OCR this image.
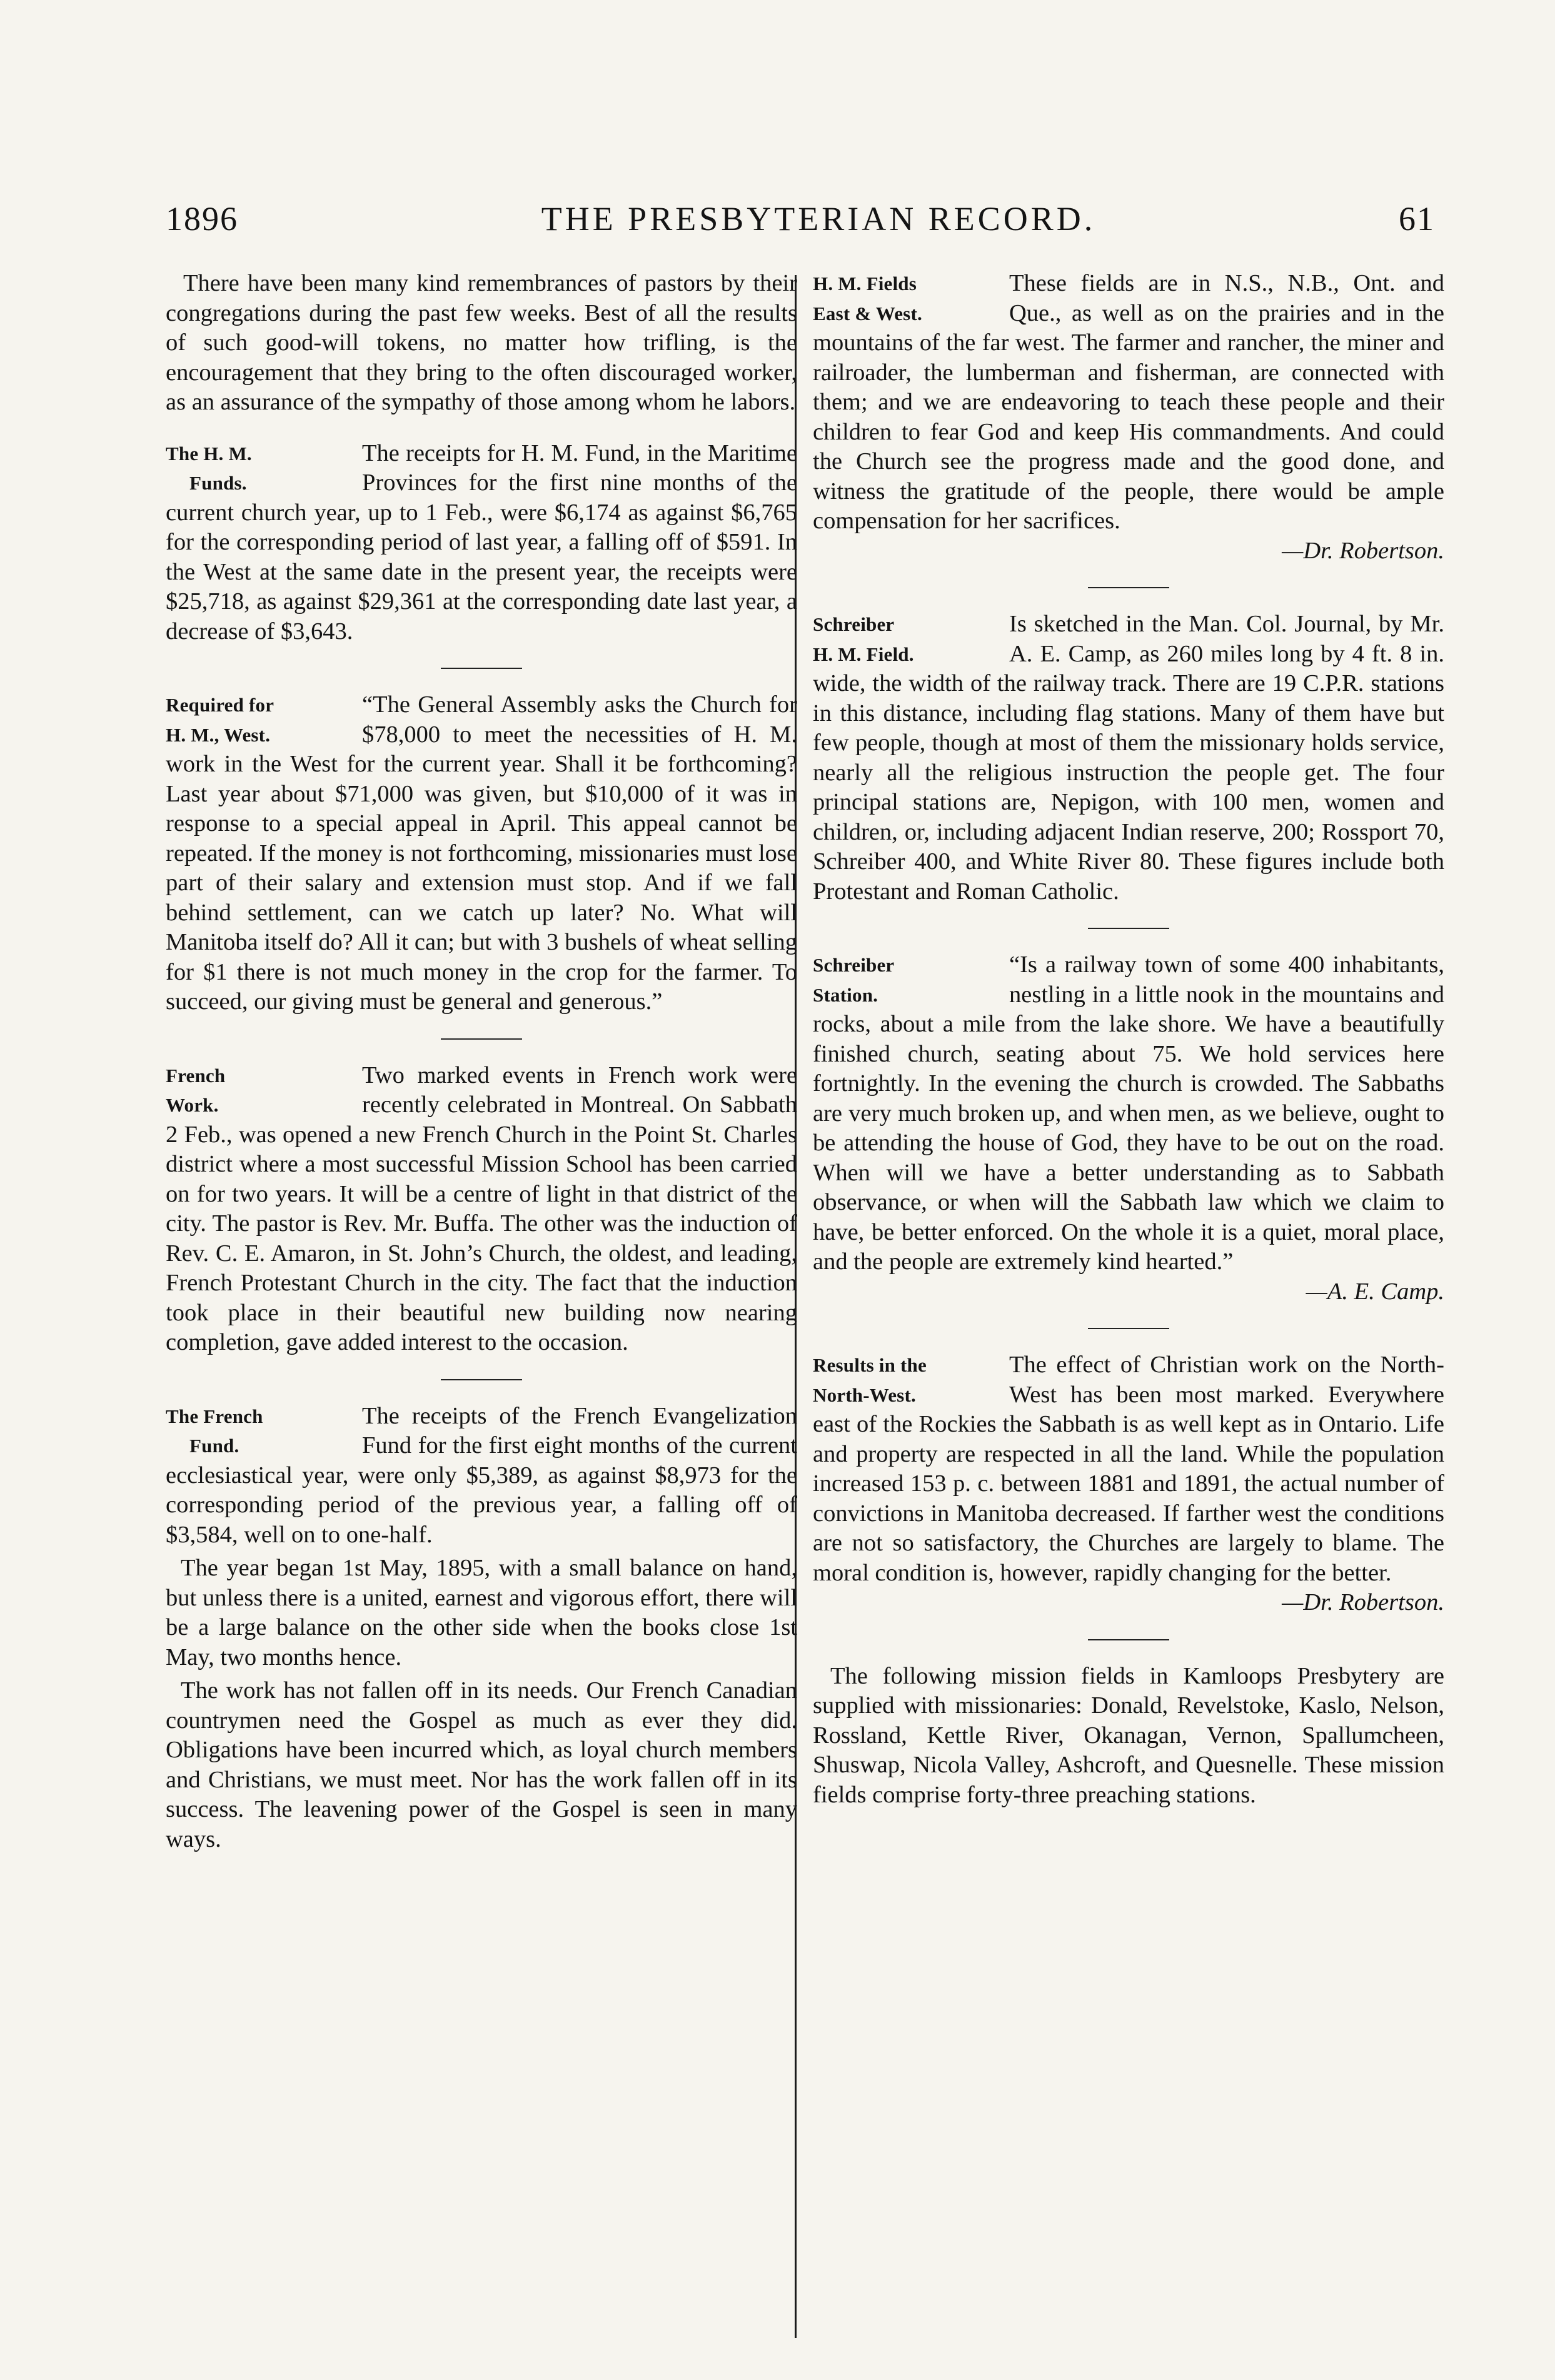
1896	THE PRESBYTERIAN RECORD.	61

There have been many kind remembrances of pastors by their congregations during the past few weeks. Best of all the results of such good-will tokens, no matter how trifling, is the encouragement that they bring to the often discouraged worker, as an assurance of the sympathy of those among whom he labors.

The H. M.
Funds.

The receipts for H. M. Fund, in the Maritime Provinces for the first nine months of the current church year, up to 1 Feb., were $6,174 as against $6,765 for the corresponding period of last year, a falling off of $591. In the West at the same date in the present year, the receipts were $25,718, as against $29,361 at the corresponding date last year, a decrease of $3,643.

Required for
H. M., West.

“The General Assembly asks the Church for $78,000 to meet the necessities of H. M. work in the West for the current year. Shall it be forthcoming? Last year about $71,000 was given, but $10,000 of it was in response to a special appeal in April. This appeal cannot be repeated. If the money is not forthcoming, missionaries must lose part of their salary and extension must stop. And if we fall behind settlement, can we catch up later? No. What will Manitoba itself do? All it can; but with 3 bushels of wheat selling for $1 there is not much money in the crop for the farmer. To succeed, our giving must be general and generous.”

French
Work.

Two marked events in French work were recently celebrated in Montreal. On Sabbath 2 Feb., was opened a new French Church in the Point St. Charles district where a most successful Mission School has been carried on for two years. It will be a centre of light in that district of the city. The pastor is Rev. Mr. Buffa. The other was the induction of Rev. C. E. Amaron, in St. John’s Church, the oldest, and leading, French Protestant Church in the city. The fact that the induction took place in their beautiful new building now nearing completion, gave added interest to the occasion.

The French
Fund.

The receipts of the French Evangelization Fund for the first eight months of the current ecclesiastical year, were only $5,389, as against $8,973 for the corresponding period of the previous year, a falling off of $3,584, well on to one-half.

The year began 1st May, 1895, with a small balance on hand, but unless there is a united, earnest and vigorous effort, there will be a large balance on the other side when the books close 1st May, two months hence.

The work has not fallen off in its needs. Our French Canadian countrymen need the Gospel as much as ever they did. Obligations have been incurred which, as loyal church members and Christians, we must meet. Nor has the work fallen off in its success. The leavening power of the Gospel is seen in many ways.

H. M. Fields
East & West.

These fields are in N.S., N.B., Ont. and Que., as well as on the prairies and in the mountains of the far west. The farmer and rancher, the miner and railroader, the lumberman and fisherman, are connected with them; and we are endeavoring to teach these people and their children to fear God and keep His commandments. And could the Church see the progress made and the good done, and witness the gratitude of the people, there would be ample compensation for her sacrifices.

—Dr. Robertson.

Schreiber
H. M. Field.

Is sketched in the Man. Col. Journal, by Mr. A. E. Camp, as 260 miles long by 4 ft. 8 in. wide, the width of the railway track. There are 19 C.P.R. stations in this distance, including flag stations. Many of them have but few people, though at most of them the missionary holds service, nearly all the religious instruction the people get. The four principal stations are, Nepigon, with 100 men, women and children, or, including adjacent Indian reserve, 200; Rossport 70, Schreiber 400, and White River 80. These figures include both Protestant and Roman Catholic.

Schreiber
Station.

“Is a railway town of some 400 inhabitants, nestling in a little nook in the mountains and rocks, about a mile from the lake shore. We have a beautifully finished church, seating about 75. We hold services here fortnightly. In the evening the church is crowded. The Sabbaths are very much broken up, and when men, as we believe, ought to be attending the house of God, they have to be out on the road. When will we have a better understanding as to Sabbath observance, or when will the Sabbath law which we claim to have, be better enforced. On the whole it is a quiet, moral place, and the people are extremely kind hearted.”

—A. E. Camp.

Results in the
North-West.

The effect of Christian work on the North-West has been most marked. Everywhere east of the Rockies the Sabbath is as well kept as in Ontario. Life and property are respected in all the land. While the population increased 153 p. c. between 1881 and 1891, the actual number of convictions in Manitoba decreased. If farther west the conditions are not so satisfactory, the Churches are largely to blame. The moral condition is, however, rapidly changing for the better.

—Dr. Robertson.

The following mission fields in Kamloops Presbytery are supplied with missionaries: Donald, Revelstoke, Kaslo, Nelson, Rossland, Kettle River, Okanagan, Vernon, Spallumcheen, Shuswap, Nicola Valley, Ashcroft, and Quesnelle. These mission fields comprise forty-three preaching stations.
